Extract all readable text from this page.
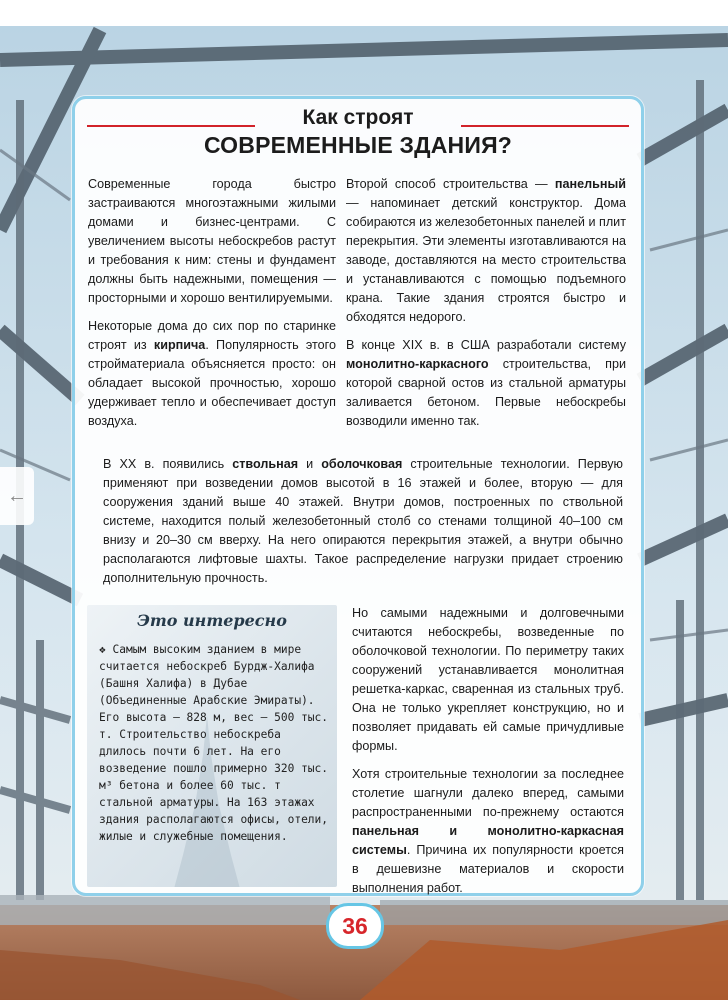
←
Как строят
СОВРЕМЕННЫЕ ЗДАНИЯ?

Современные города быстро застраиваются многоэтажными жилыми домами и бизнес-центрами. С увеличением высоты небоскребов растут и требования к ним: стены и фундамент должны быть надежными, помещения — просторными и хорошо вентилируемыми.

Некоторые дома до сих пор по старинке строят из кирпича. Популярность этого стройматериала объясняется просто: он обладает высокой прочностью, хорошо удерживает тепло и обеспечивает доступ воздуха.

Второй способ строительства — панельный — напоминает детский конструктор. Дома собираются из железобетонных панелей и плит перекрытия. Эти элементы изготавливаются на заводе, доставляются на место строительства и устанавливаются с помощью подъемного крана. Такие здания строятся быстро и обходятся недорого.

В конце XIX в. в США разработали систему монолитно-каркасного строительства, при которой сварной остов из стальной арматуры заливается бетоном. Первые небоскребы возводили именно так.

В XX в. появились ствольная и оболочковая строительные технологии. Первую применяют при возведении домов высотой в 16 этажей и более, вторую — для сооружения зданий выше 40 этажей. Внутри домов, построенных по ствольной системе, находится полый железобетонный столб со стенами толщиной 40–100 см внизу и 20–30 см вверху. На него опираются перекрытия этажей, а внутри обычно располагаются лифтовые шахты. Такое распределение нагрузки придает строению дополнительную прочность.
Это интересно
❖ Самым высоким зданием в мире считается небоскреб Бурдж-Халифа (Башня Халифа) в Дубае (Объединенные Арабские Эмираты). Его высота — 828 м, вес — 500 тыс. т. Строительство небоскреба длилось почти 6 лет. На его возведение пошло примерно 320 тыс. м³ бетона и более 60 тыс. т стальной арматуры. На 163 этажах здания располагаются офисы, отели, жилые и служебные помещения.

Но самыми надежными и долговечными считаются небоскребы, возведенные по оболочковой технологии. По периметру таких сооружений устанавливается монолитная решетка-каркас, сваренная из стальных труб. Она не только укрепляет конструкцию, но и позволяет придавать ей самые причудливые формы.

Хотя строительные технологии за последнее столетие шагнули далеко вперед, самыми распространенными по-прежнему остаются панельная и монолитно-каркасная системы. Причина их популярности кроется в дешевизне материалов и скорости выполнения работ.

36
